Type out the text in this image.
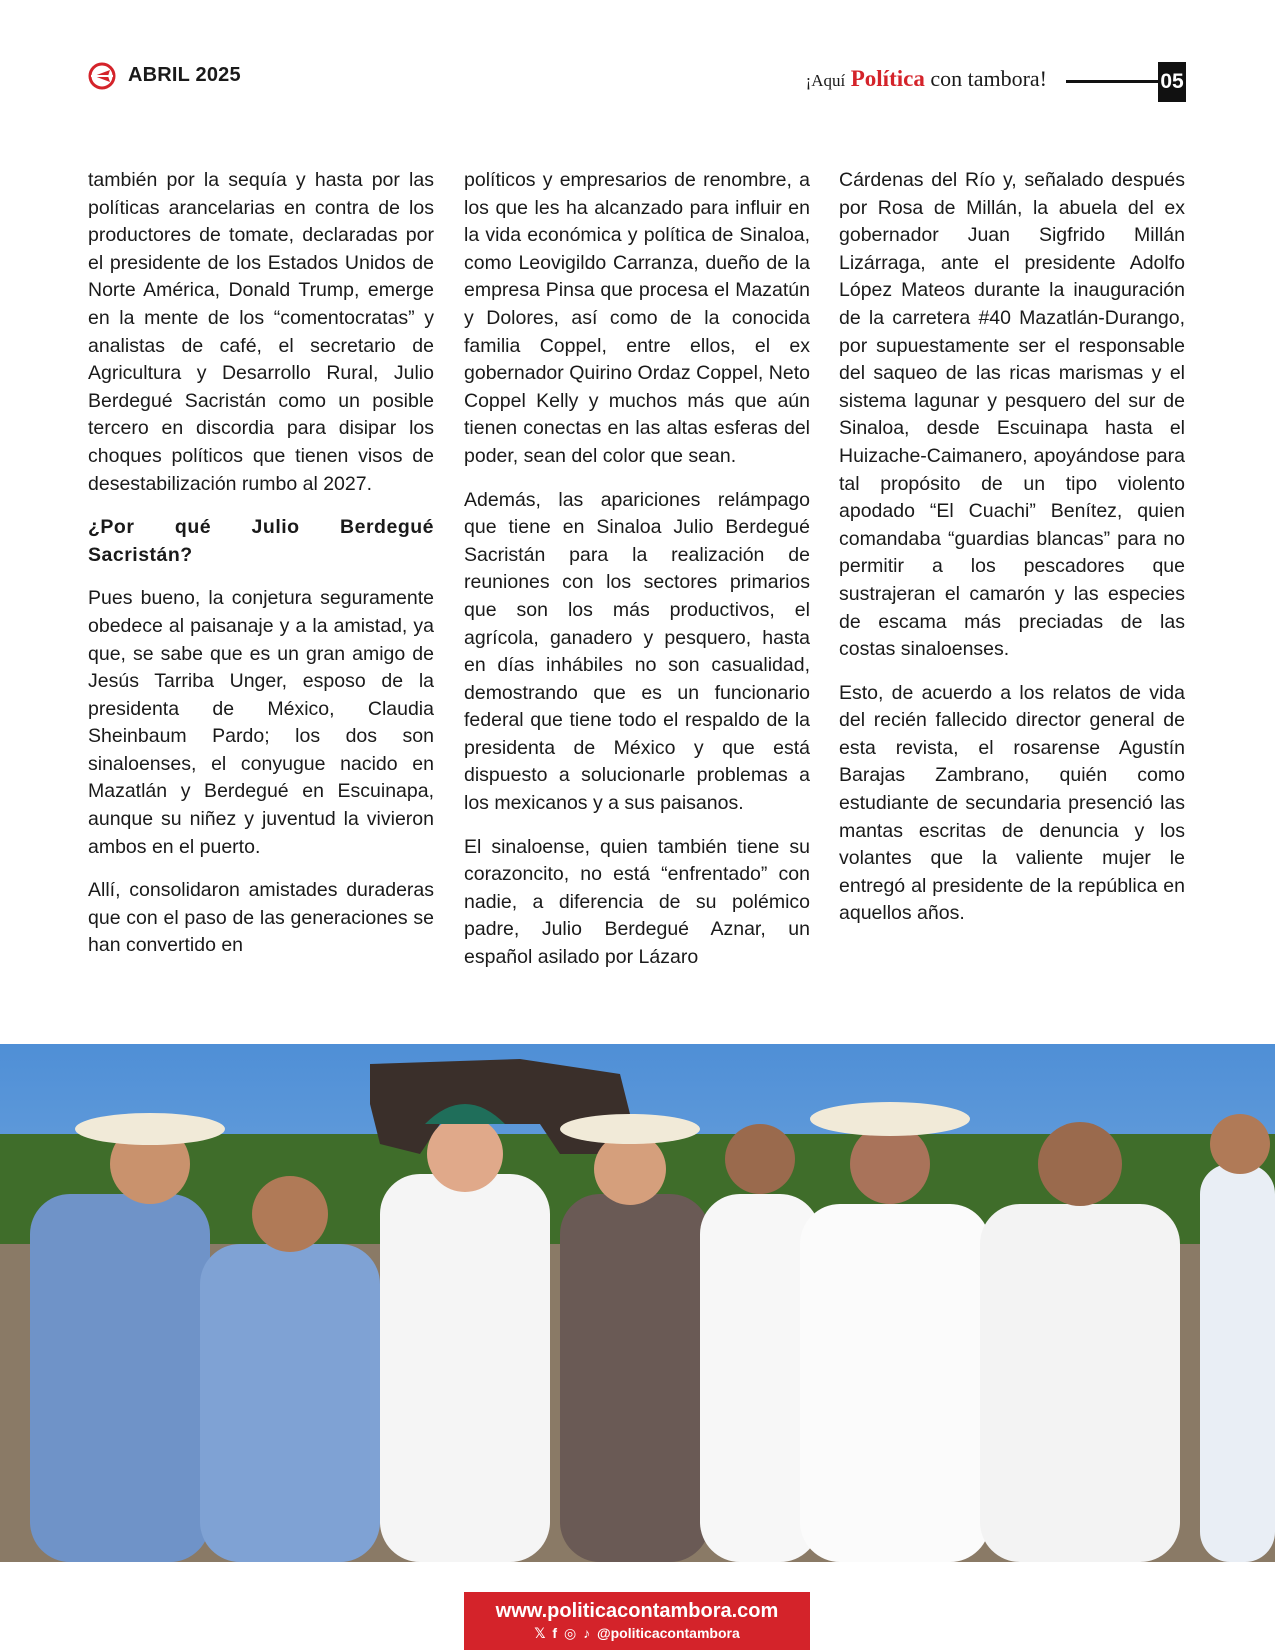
ABRIL 2025	¡Aquí Política con tambora!	05

también por la sequía y hasta por las políticas arancelarias en contra de los productores de tomate, declaradas por el presidente de los Estados Unidos de Norte América, Donald Trump, emerge en la mente de los “comentocratas” y analistas de café, el secretario de Agricultura y Desarrollo Rural, Julio Berdegué Sacristán como un posible tercero en discordia para disipar los choques políticos que tienen visos de desestabilización rumbo al 2027.

¿Por qué Julio Berdegué Sacristán?

Pues bueno, la conjetura seguramente obedece al paisanaje y a la amistad, ya que, se sabe que es un gran amigo de Jesús Tarriba Unger, esposo de la presidenta de México, Claudia Sheinbaum Pardo; los dos son sinaloenses, el conyugue nacido en Mazatlán y Berdegué en Escuinapa, aunque su niñez y juventud la vivieron ambos en el puerto.

Allí, consolidaron amistades duraderas que con el paso de las generaciones se han convertido en

políticos y empresarios de renombre, a los que les ha alcanzado para influir en la vida económica y política de Sinaloa, como Leovigildo Carranza, dueño de la empresa Pinsa que procesa el Mazatún y Dolores, así como de la conocida familia Coppel, entre ellos, el ex gobernador Quirino Ordaz Coppel, Neto Coppel Kelly y muchos más que aún tienen conectas en las altas esferas del poder, sean del color que sean.

Además, las apariciones relámpago que tiene en Sinaloa Julio Berdegué Sacristán para la realización de reuniones con los sectores primarios que son los más productivos, el agrícola, ganadero y pesquero, hasta en días inhábiles no son casualidad, demostrando que es un funcionario federal que tiene todo el respaldo de la presidenta de México y que está dispuesto a solucionarle problemas a los mexicanos y a sus paisanos.

El sinaloense, quien también tiene su corazoncito, no está “enfrentado” con nadie, a diferencia de su polémico padre, Julio Berdegué Aznar, un español asilado por Lázaro

Cárdenas del Río y, señalado después por Rosa de Millán, la abuela del ex gobernador Juan Sigfrido Millán Lizárraga, ante el presidente Adolfo López Mateos durante la inauguración de la carretera #40 Mazatlán-Durango, por supuestamente ser el responsable del saqueo de las ricas marismas y el sistema lagunar y pesquero del sur de Sinaloa, desde Escuinapa hasta el Huizache-Caimanero, apoyándose para tal propósito de un tipo violento apodado “El Cuachi” Benítez, quien comandaba “guardias blancas” para no permitir a los pescadores que sustrajeran el camarón y las especies de escama más preciadas de las costas sinaloenses.

Esto, de acuerdo a los relatos de vida del recién fallecido director general de esta revista, el rosarense Agustín Barajas Zambrano, quién como estudiante de secundaria presenció las mantas escritas de denuncia y los volantes que la valiente mujer le entregó al presidente de la república en aquellos años.

www.politicacontambora.com
𝕏 f ◎ ♪ @politicacontambora
